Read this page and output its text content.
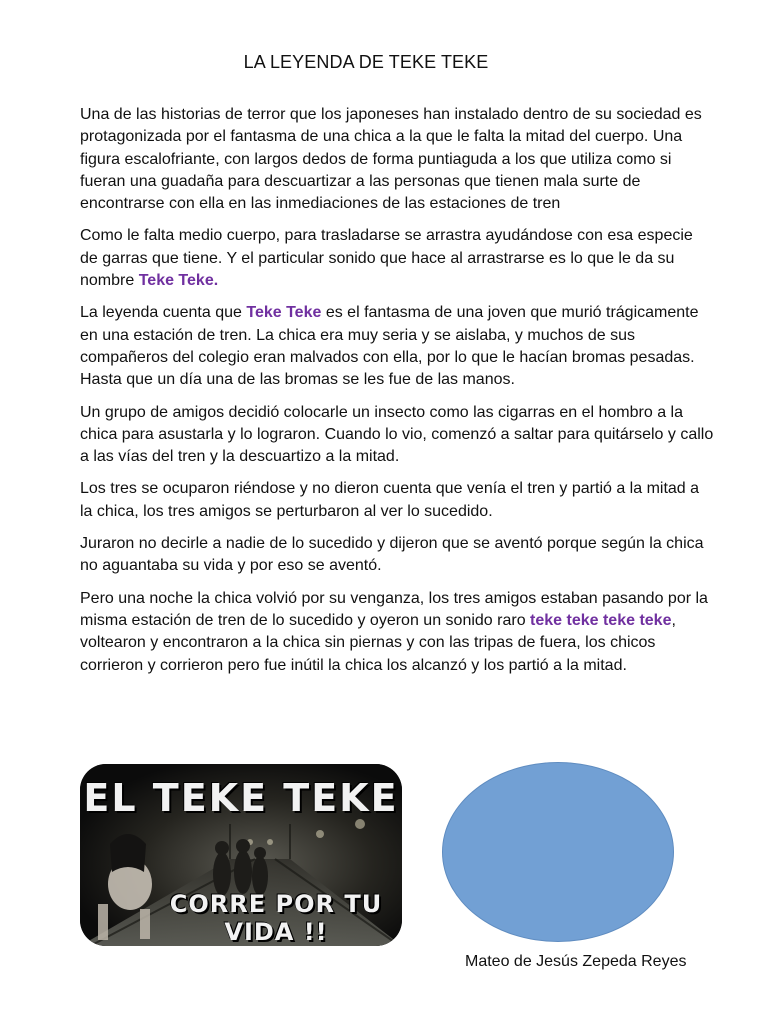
LA LEYENDA DE TEKE TEKE

Una de las historias de terror que los japoneses han instalado dentro de su sociedad es protagonizada por el fantasma de una chica a la que le falta la mitad del cuerpo. Una figura escalofriante, con largos dedos de forma puntiaguda a los que utiliza como si fueran una guadaña para descuartizar a las personas que tienen mala surte de encontrarse con ella en las inmediaciones de las estaciones de tren

Como le falta medio cuerpo, para trasladarse se arrastra ayudándose con esa especie de garras que tiene. Y el particular sonido que hace al arrastrarse es lo que le da su nombre Teke Teke.

La leyenda cuenta que Teke Teke es el fantasma de una joven que murió trágicamente en una estación de tren. La chica era muy seria y se aislaba, y muchos de sus compañeros del colegio eran malvados con ella, por lo que le hacían bromas pesadas. Hasta que un día una de las bromas se les fue de las manos.

Un grupo de amigos decidió colocarle un insecto como las cigarras en el hombro a la chica para asustarla y lo lograron. Cuando lo vio, comenzó a saltar para quitárselo y callo a las vías del tren y la descuartizo a la mitad.

Los tres se ocuparon riéndose y no dieron cuenta que venía el tren y partió a la mitad a la chica, los tres amigos se perturbaron al ver lo sucedido.

Juraron no decirle a nadie de lo sucedido y dijeron que se aventó porque según la chica no aguantaba su vida y por eso se aventó.

Pero una noche la chica volvió por su venganza, los tres amigos estaban pasando por la misma estación de tren de lo sucedido y oyeron un sonido raro teke teke teke teke, voltearon y encontraron a la chica sin piernas y con las tripas de fuera, los chicos corrieron y corrieron pero fue inútil la chica los alcanzó y los partió a la mitad.

EL TEKE TEKE
CORRE POR TU VIDA !!
Mateo de Jesús Zepeda Reyes
